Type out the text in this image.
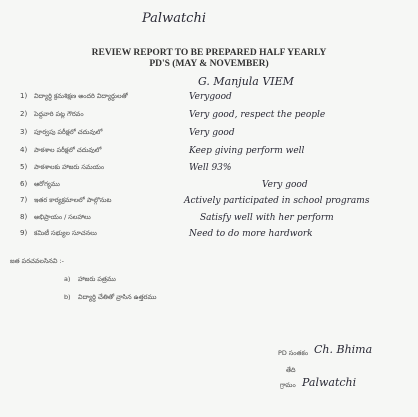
Palwatchi
REVIEW REPORT TO BE PREPARED HALF YEARLY
PD'S (MAY & NOVEMBER)
G. Manjula VIEM
1) విద్యార్థి క్రమశిక్షణ అందరి విద్యార్థులతో	Verygood
2) పెద్దవారి పట్ల గౌరవం	Very good, respect the people
3) పూర్వపు పరీక్షలో చదువులో	Very good
4) పాఠశాల పరీక్షలో చదువులో	Keep giving perform well
5) పాఠశాలకు హాజరు సమయం	Well 93%
6) ఆరోగ్యము	Very good
7) ఇతర కార్యక్రమాలలో పాల్గొనుట	Actively participated in school programs
8) అభిప్రాయం / సలహాలు	Satisfy well with her perform
9) కమిటీ సభ్యుల సూచనలు	Need to do more hardwork
జత పరచవలసినవి :-
a) హాజరు పత్రము
b) విద్యార్థి చేతితో వ్రాసిన ఉత్తరము
PD సంతకం
తేది
గ్రామం
Ch. Bhima
Palwatchi
